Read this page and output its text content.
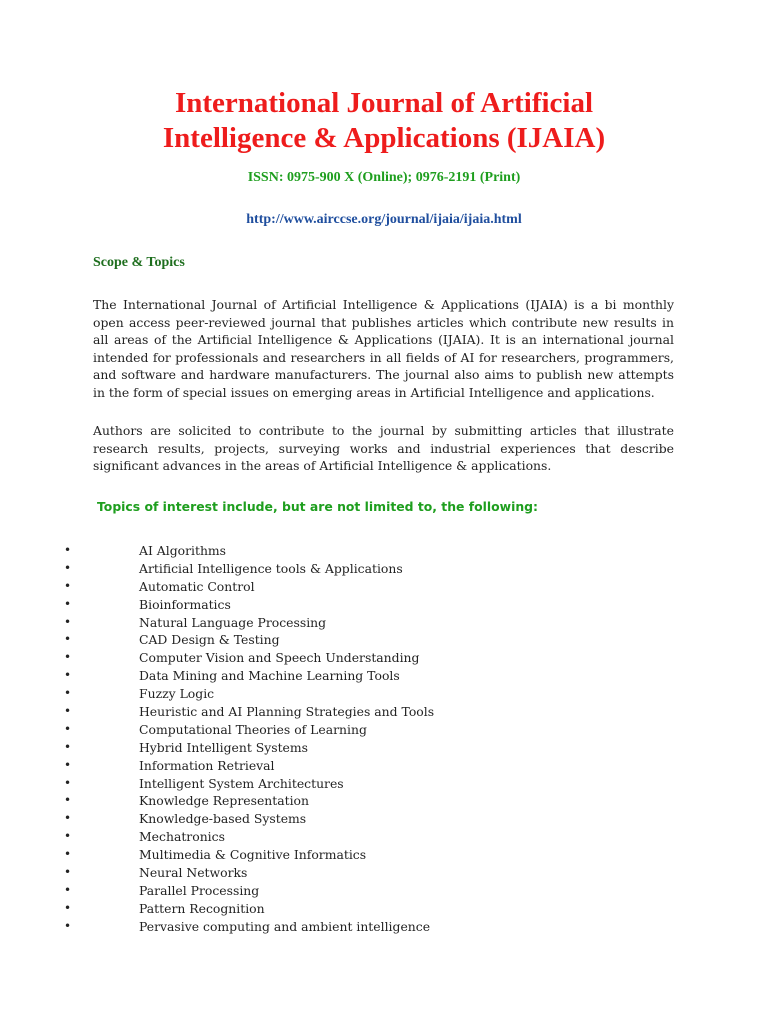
International Journal of Artificial
Intelligence & Applications (IJAIA)
ISSN: 0975-900 X (Online); 0976-2191 (Print)
http://www.airccse.org/journal/ijaia/ijaia.html
Scope & Topics

The International Journal of Artificial Intelligence & Applications (IJAIA) is a bi monthly open access peer-reviewed journal that publishes articles which contribute new results in all areas of the Artificial Intelligence & Applications (IJAIA). It is an international journal intended for professionals and researchers in all fields of AI for researchers, programmers, and software and hardware manufacturers. The journal also aims to publish new attempts in the form of special issues on emerging areas in Artificial Intelligence and applications.

Authors are solicited to contribute to the journal by submitting articles that illustrate research results, projects, surveying works and industrial experiences that describe significant advances in the areas of Artificial Intelligence & applications.

Topics of interest include, but are not limited to, the following:
•	AI Algorithms
•	Artificial Intelligence tools & Applications
•	Automatic Control
•	Bioinformatics
•	Natural Language Processing
•	CAD Design & Testing
•	Computer Vision and Speech Understanding
•	Data Mining and Machine Learning Tools
•	Fuzzy Logic
•	Heuristic and AI Planning Strategies and Tools
•	Computational Theories of Learning
•	Hybrid Intelligent Systems
•	Information Retrieval
•	Intelligent System Architectures
•	Knowledge Representation
•	Knowledge-based Systems
•	Mechatronics
•	Multimedia & Cognitive Informatics
•	Neural Networks
•	Parallel Processing
•	Pattern Recognition
•	Pervasive computing and ambient intelligence
